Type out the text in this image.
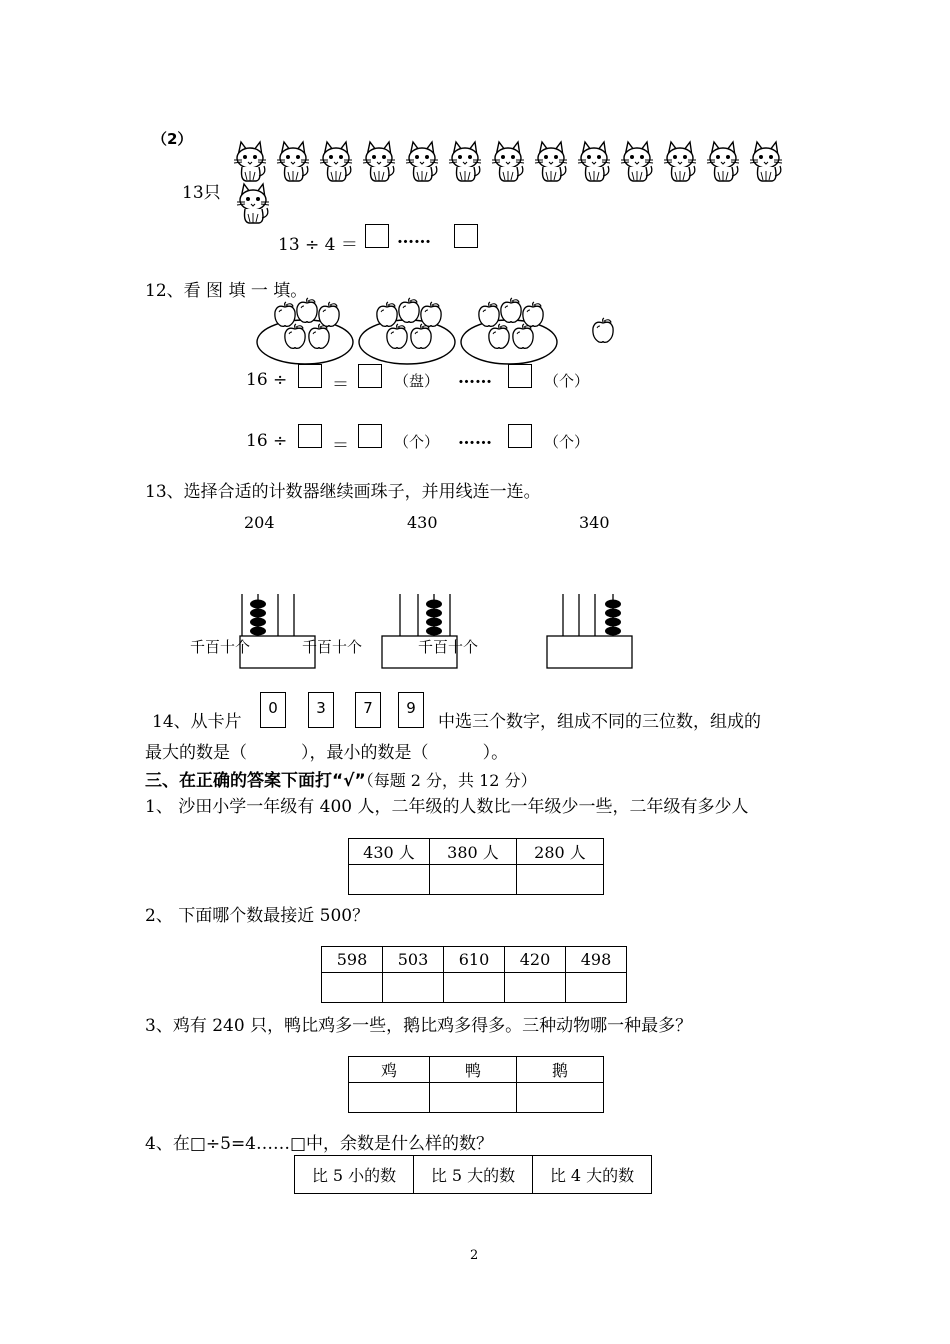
（2）
13只
13 ÷ 4 ＝ ……
12、看 图 填 一 填。
16 ÷	＝	（盘） ……	（个）
16 ÷	＝	（个） ……	（个）
13、选择合适的计数器继续画珠子，并用线连一连。
204	430	340
千百十个	千百十个	千百十个
14、从卡片
0	3	7	9
中选三个数字，组成不同的三位数，组成的
最大的数是（          ），最小的数是（          ）。
三、在正确的答案下面打“√”（每题 2 分，共 12 分）
1、 沙田小学一年级有 400 人，二年级的人数比一年级少一些，二年级有多少人
430 人	380 人	280 人

2、 下面哪个数最接近 500？
598	503	610	420	498

3、鸡有 240 只，鸭比鸡多一些，鹅比鸡多得多。三种动物哪一种最多？
鸡	鸭	鹅

4、在□÷5=4……□中，余数是什么样的数？
比 5 小的数	比 5 大的数	比 4 大的数
2
